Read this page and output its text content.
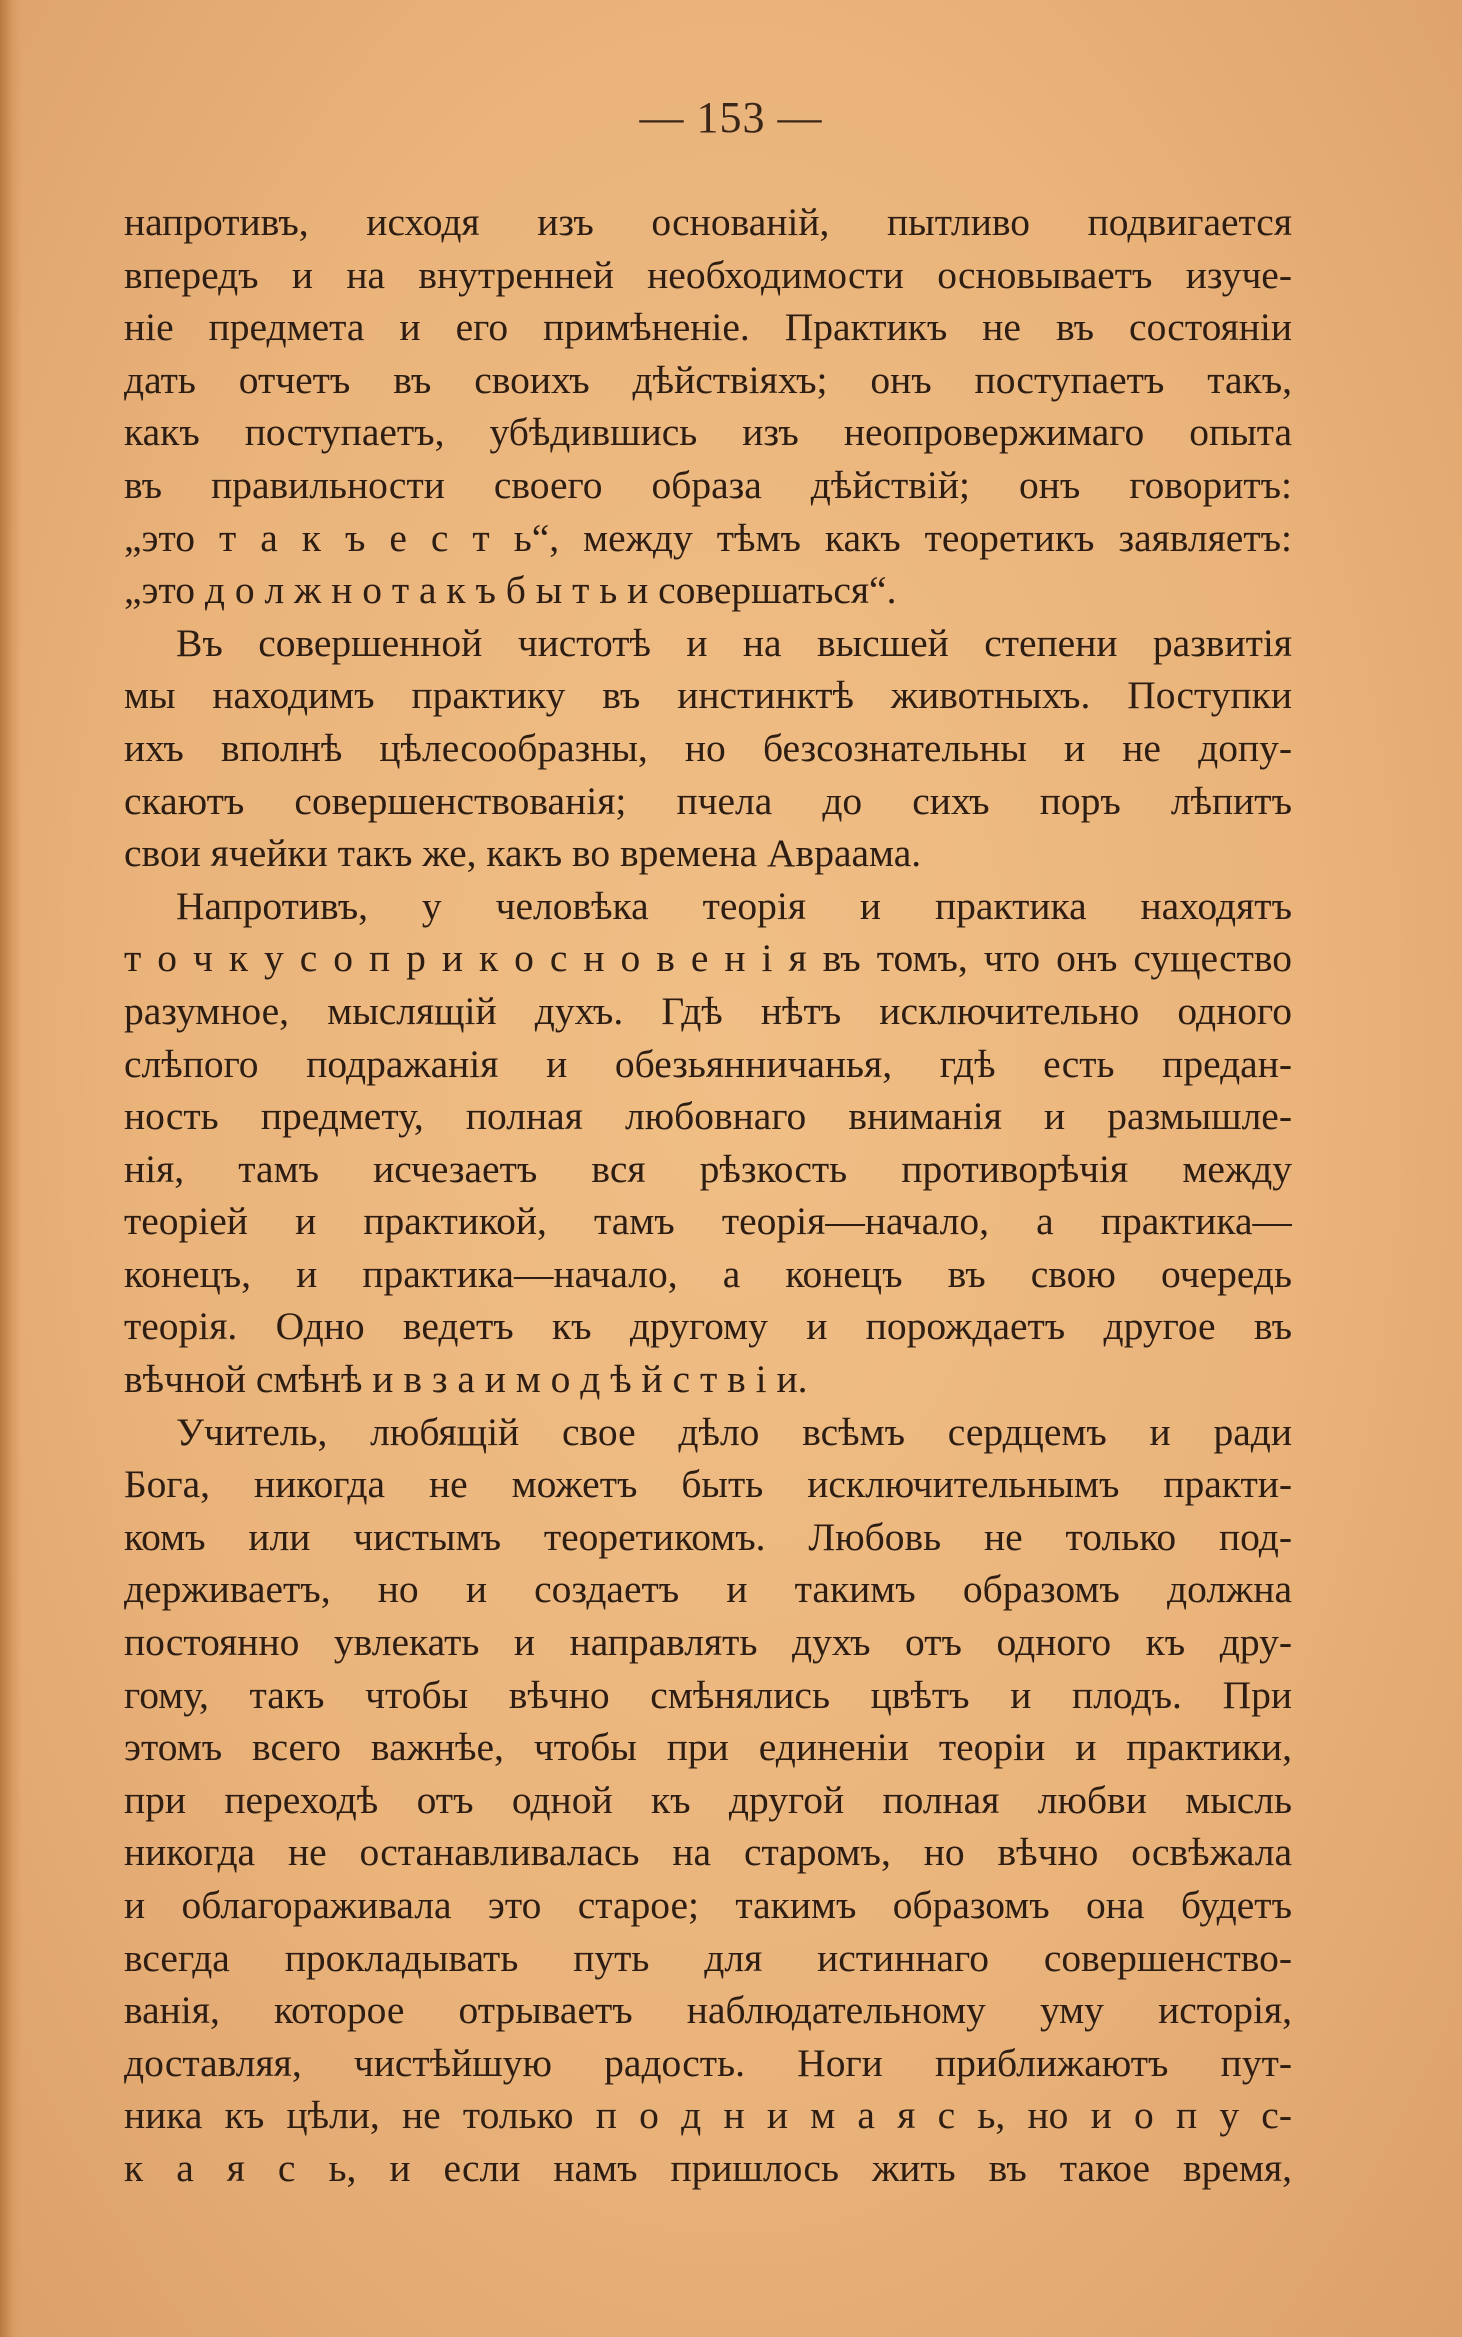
— 153 —
напротивъ, исходя изъ основаній, пытливо подвигается
впередъ и на внутренней необходимости основываетъ изуче-
ніе предмета и его примѣненіе. Практикъ не въ состояніи
дать отчетъ въ своихъ дѣйствіяхъ; онъ поступаетъ такъ,
какъ поступаетъ, убѣдившись изъ неопровержимаго опыта
въ правильности своего образа дѣйствій; онъ говоритъ:
„это т а к ъ е с т ь“, между тѣмъ какъ теоретикъ заявляетъ:
„это д о л ж н о т а к ъ б ы т ь и совершаться“.
Въ совершенной чистотѣ и на высшей степени развитія
мы находимъ практику въ инстинктѣ животныхъ. Поступки
ихъ вполнѣ цѣлесообразны, но безсознательны и не допу-
скаютъ совершенствованія; пчела до сихъ поръ лѣпитъ
свои ячейки такъ же, какъ во времена Авраама.
Напротивъ, у человѣка теорія и практика находятъ
т о ч к у с о п р и к о с н о в е н і я въ томъ, что онъ существо
разумное, мыслящій духъ. Гдѣ нѣтъ исключительно одного
слѣпого подражанія и обезьянничанья, гдѣ есть предан-
ность предмету, полная любовнаго вниманія и размышле-
нія, тамъ исчезаетъ вся рѣзкость противорѣчія между
теоріей и практикой, тамъ теорія—начало, а практика—
конецъ, и практика—начало, а конецъ въ свою очередь
теорія. Одно ведетъ къ другому и порождаетъ другое въ
вѣчной смѣнѣ и в з а и м о д ѣ й с т в і и.
Учитель, любящій свое дѣло всѣмъ сердцемъ и ради
Бога, никогда не можетъ быть исключительнымъ практи-
комъ или чистымъ теоретикомъ. Любовь не только под-
держиваетъ, но и создаетъ и такимъ образомъ должна
постоянно увлекать и направлять духъ отъ одного къ дру-
гому, такъ чтобы вѣчно смѣнялись цвѣтъ и плодъ. При
этомъ всего важнѣе, чтобы при единеніи теоріи и практики,
при переходѣ отъ одной къ другой полная любви мысль
никогда не останавливалась на старомъ, но вѣчно освѣжала
и облагораживала это старое; такимъ образомъ она будетъ
всегда прокладывать путь для истиннаго совершенство-
ванія, которое отрываетъ наблюдательному уму исторія,
доставляя, чистѣйшую радость. Ноги приближаютъ пут-
ника къ цѣли, не только п о д н и м а я с ь, но и о п у с-
к а я с ь, и если намъ пришлось жить въ такое время,
